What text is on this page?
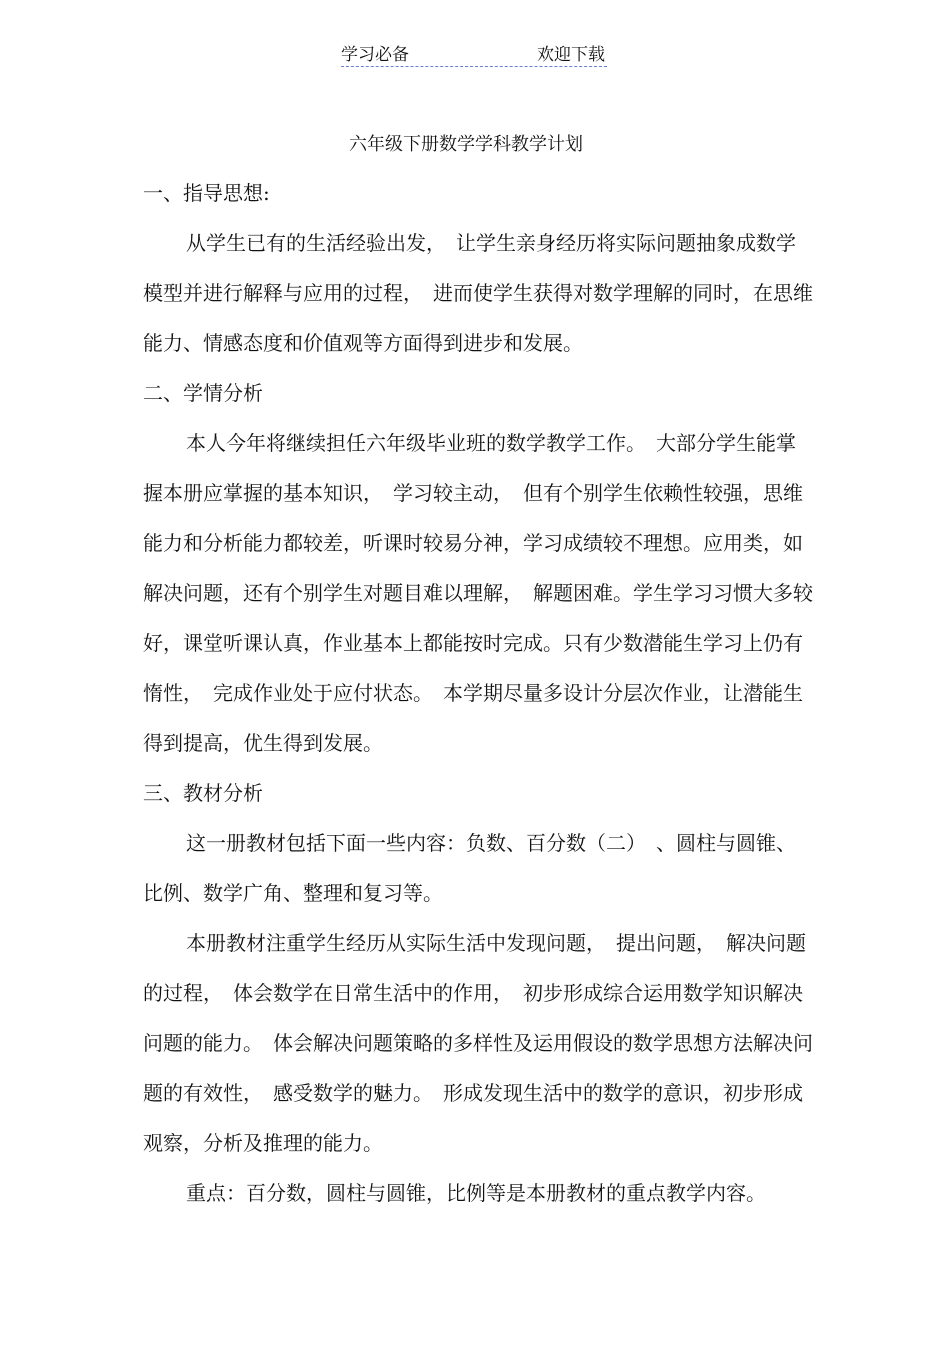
学习必备	欢迎下载
六年级下册数学学科教学计划

一、指导思想:

从学生已有的生活经验出发，　让学生亲身经历将实际问题抽象成数学模型并进行解释与应用的过程，　进而使学生获得对数学理解的同时，在思维能力、情感态度和价值观等方面得到进步和发展。

二、学情分析

本人今年将继续担任六年级毕业班的数学教学工作。　大部分学生能掌握本册应掌握的基本知识，　学习较主动，　但有个别学生依赖性较强，思维能力和分析能力都较差，听课时较易分神，学习成绩较不理想。应用类，如解决问题，还有个别学生对题目难以理解，　解题困难。学生学习习惯大多较好，课堂听课认真，作业基本上都能按时完成。只有少数潜能生学习上仍有惰性，　完成作业处于应付状态。　本学期尽量多设计分层次作业，让潜能生得到提高，优生得到发展。

三、教材分析

这一册教材包括下面一些内容：负数、百分数（二）　、圆柱与圆锥、比例、数学广角、整理和复习等。

本册教材注重学生经历从实际生活中发现问题，　提出问题，　解决问题的过程，　体会数学在日常生活中的作用，　初步形成综合运用数学知识解决问题的能力。　体会解决问题策略的多样性及运用假设的数学思想方法解决问题的有效性，　感受数学的魅力。　形成发现生活中的数学的意识，初步形成观察，分析及推理的能力。

重点：百分数，圆柱与圆锥，比例等是本册教材的重点教学内容。
